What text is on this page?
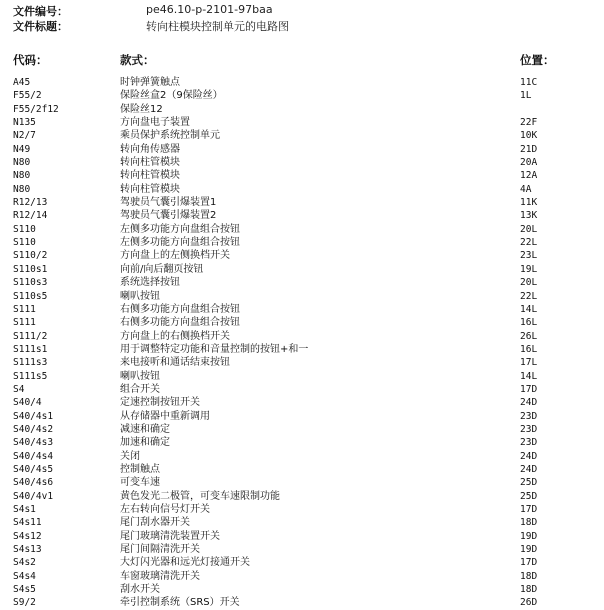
文件编号：	pe46.10-p-2101-97baa
文件标题：	转向柱模块控制单元的电路图
代码：	款式：	位置：
A45	时钟弹簧触点	11C
F55/2	保险丝盒2（9保险丝）	1L
F55/2f12	保险丝12
N135	方向盘电子装置	22F
N2/7	乘员保护系统控制单元	10K
N49	转向角传感器	21D
N80	转向柱管模块	20A
N80	转向柱管模块	12A
N80	转向柱管模块	4A
R12/13	驾驶员气囊引爆装置1	11K
R12/14	驾驶员气囊引爆装置2	13K
S110	左侧多功能方向盘组合按钮	20L
S110	左侧多功能方向盘组合按钮	22L
S110/2	方向盘上的左侧换档开关	23L
S110s1	向前/向后翻页按钮	19L
S110s3	系统选择按钮	20L
S110s5	喇叭按钮	22L
S111	右侧多功能方向盘组合按钮	14L
S111	右侧多功能方向盘组合按钮	16L
S111/2	方向盘上的右侧换档开关	26L
S111s1	用于调整特定功能和音量控制的按钮+和一	16L
S111s3	来电接听和通话结束按钮	17L
S111s5	喇叭按钮	14L
S4	组合开关	17D
S40/4	定速控制按钮开关	24D
S40/4s1	从存储器中重新调用	23D
S40/4s2	减速和确定	23D
S40/4s3	加速和确定	23D
S40/4s4	关闭	24D
S40/4s5	控制触点	24D
S40/4s6	可变车速	25D
S40/4v1	黄色发光二极管，可变车速限制功能	25D
S4s1	左右转向信号灯开关	17D
S4s11	尾门刮水器开关	18D
S4s12	尾门玻璃清洗装置开关	19D
S4s13	尾门间隔清洗开关	19D
S4s2	大灯闪光器和远光灯接通开关	17D
S4s4	车窗玻璃清洗开关	18D
S4s5	刮水开关	18D
S9/2	牵引控制系统（SRS）开关	26D
